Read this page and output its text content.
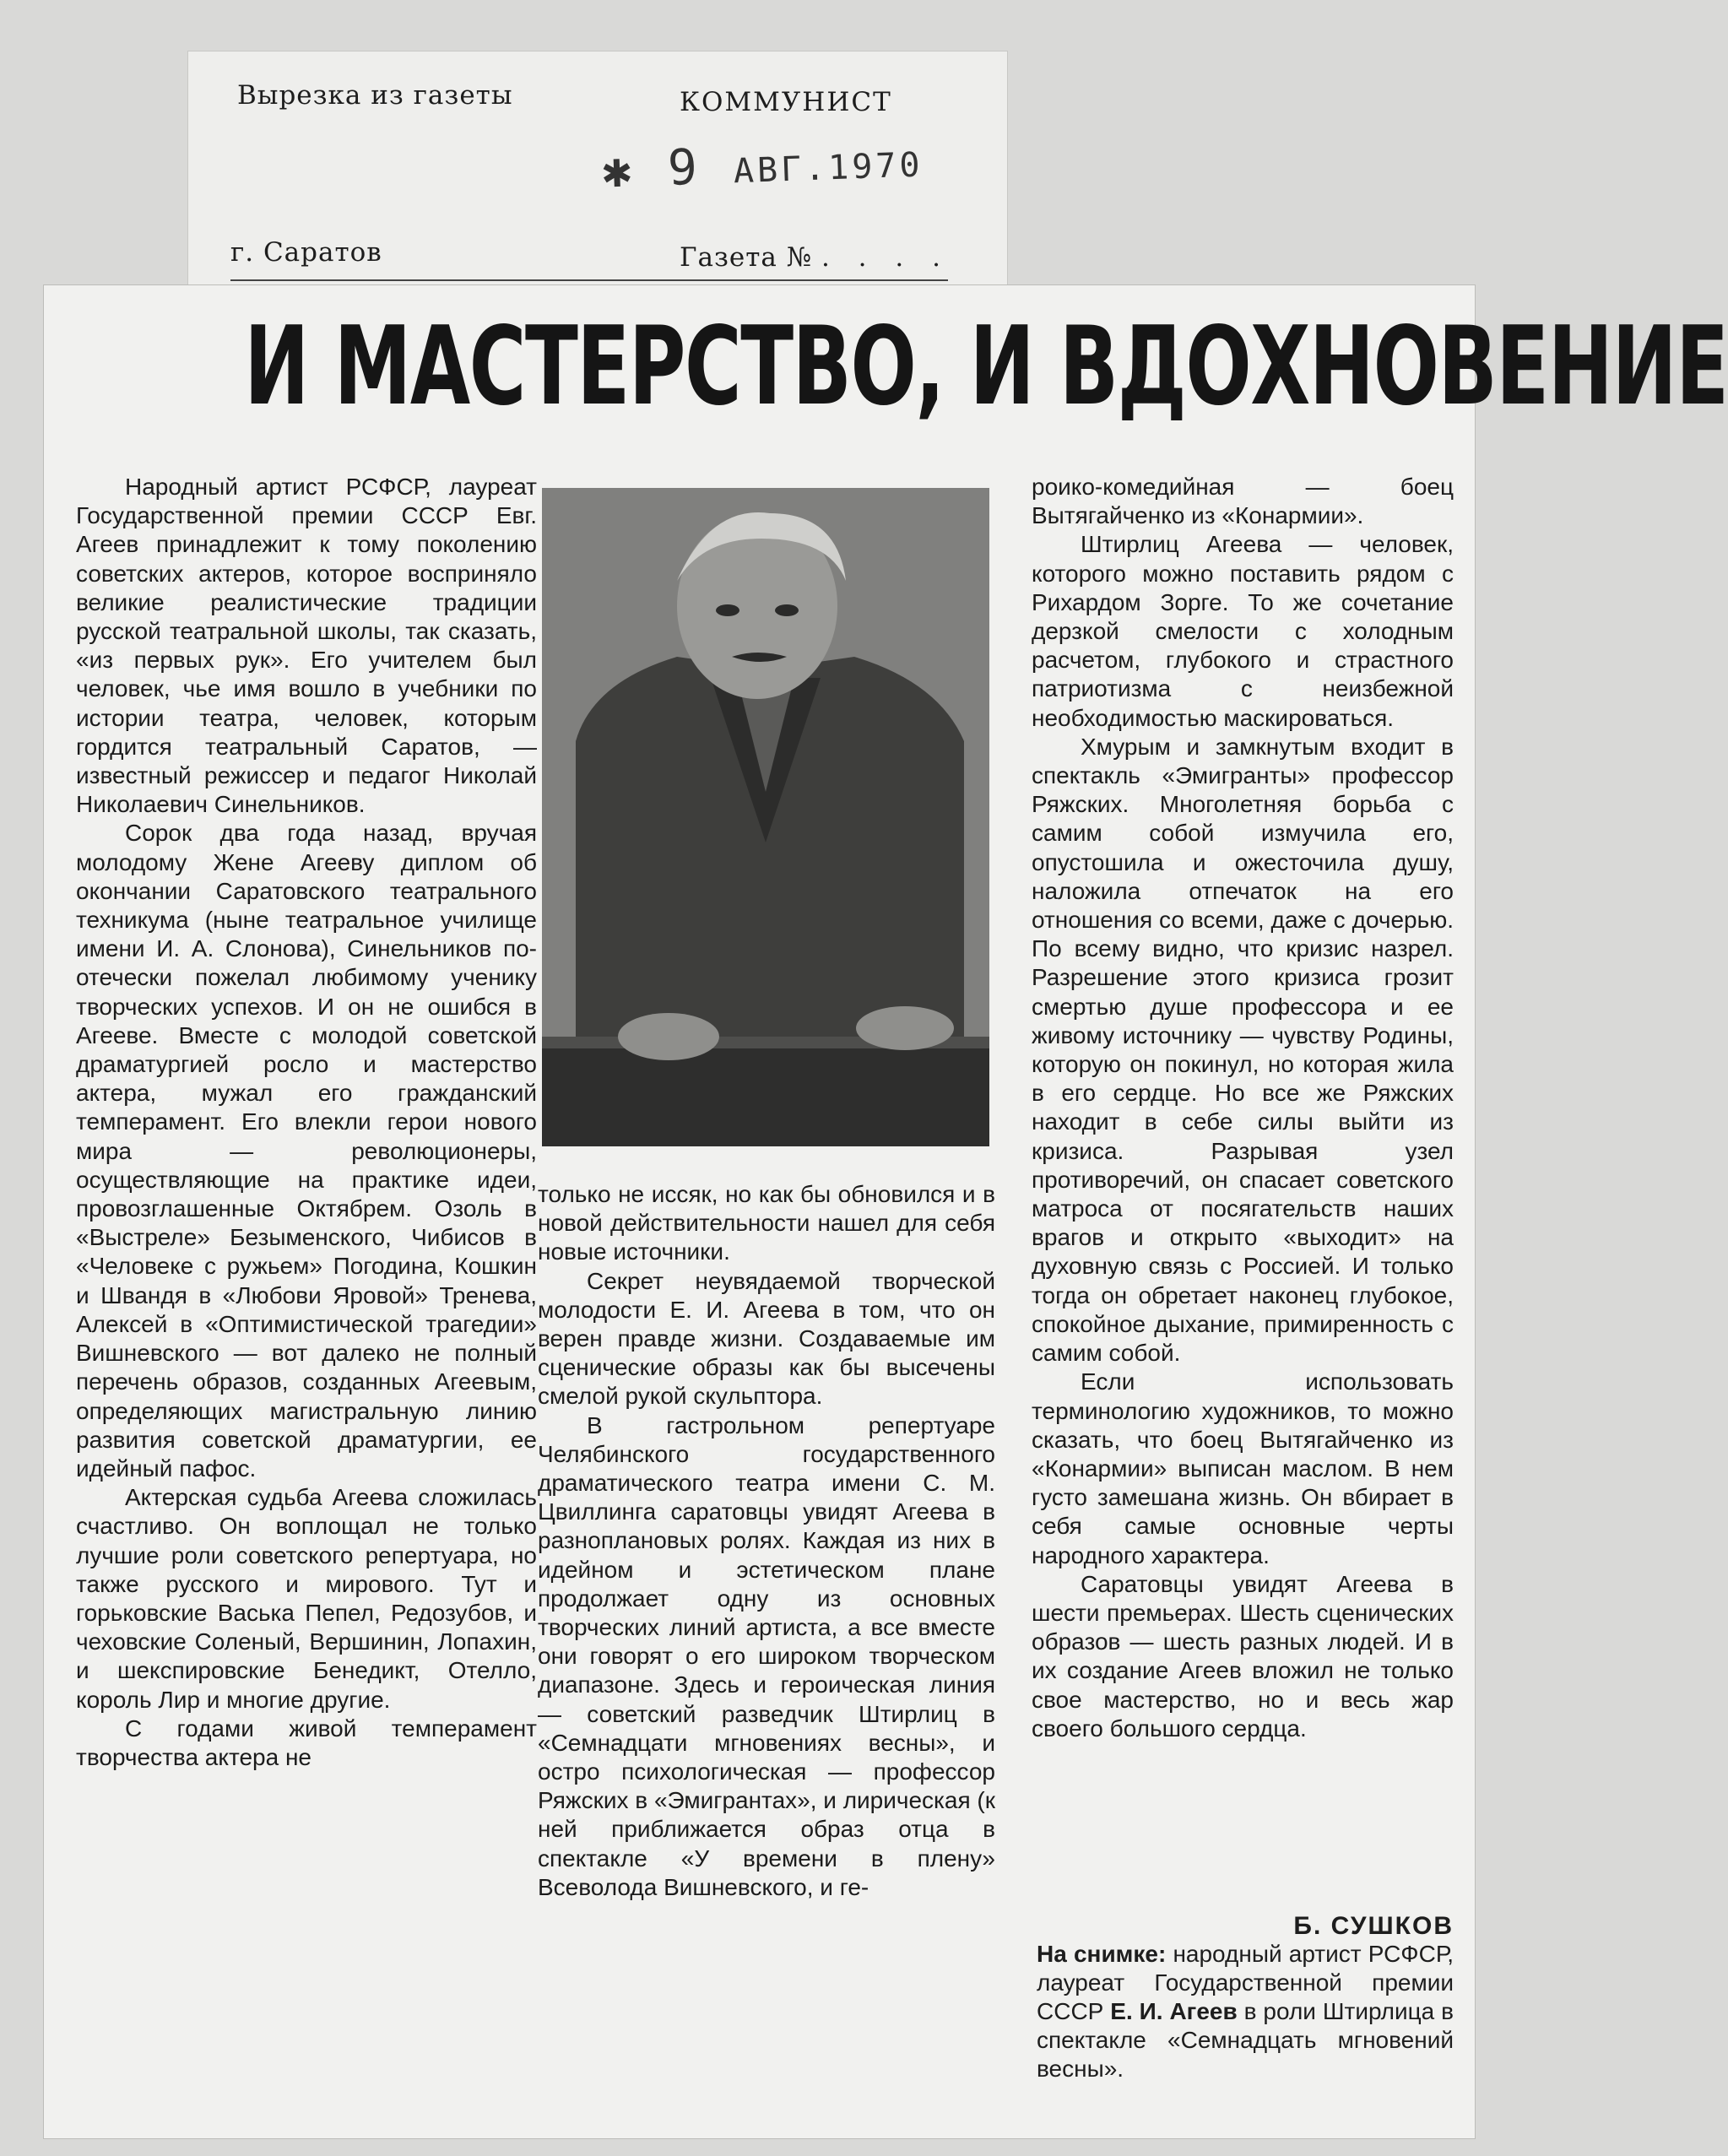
Вырезка из газеты	КОММУНИСТ
✱ 9 АВГ.1970
г. Саратов	Газета № . . . .
И МАСТЕРСТВО, И ВДОХНОВЕНИЕ

Народный артист РСФСР, лауреат Государственной премии СССР Евг. Агеев принадлежит к тому поколению советских актеров, которое восприняло великие реалистические традиции русской театральной школы, так сказать, «из первых рук». Его учителем был человек, чье имя вошло в учебники по истории театра, человек, которым гордится театральный Саратов, — известный режиссер и педагог Николай Николаевич Синельников.

Сорок два года назад, вручая молодому Жене Агееву диплом об окончании Саратовского театрального техникума (ныне театральное училище имени И. А. Слонова), Синельников по-отечески пожелал любимому ученику творческих успехов. И он не ошибся в Агееве. Вместе с молодой советской драматургией росло и мастерство актера, мужал его гражданский темперамент. Его влекли герои нового мира — революционеры, осуществляющие на практике идеи, провозглашенные Октябрем. Озоль в «Выстреле» Безыменского, Чибисов в «Человеке с ружьем» Погодина, Кошкин и Швандя в «Любови Яровой» Тренева, Алексей в «Оптимистической трагедии» Вишневского — вот далеко не полный перечень образов, созданных Агеевым, определяющих магистральную линию развития советской драматургии, ее идейный пафос.

Актерская судьба Агеева сложилась счастливо. Он воплощал не только лучшие роли советского репертуара, но также русского и мирового. Тут и горьковские Васька Пепел, Редозубов, и чеховские Соленый, Вершинин, Лопахин, и шекспировские Бенедикт, Отелло, король Лир и многие другие.

С годами живой темперамент творчества актера не

только не иссяк, но как бы обновился и в новой действительности нашел для себя новые источники.

Секрет неувядаемой творческой молодости Е. И. Агеева в том, что он верен правде жизни. Создаваемые им сценические образы как бы высечены смелой рукой скульптора.

В гастрольном репертуаре Челябинского государственного драматического театра имени С. М. Цвиллинга саратовцы увидят Агеева в разноплановых ролях. Каждая из них в идейном и эстетическом плане продолжает одну из основных творческих линий артиста, а все вместе они говорят о его широком творческом диапазоне. Здесь и героическая линия — советский разведчик Штирлиц в «Семнадцати мгновениях весны», и остро психологическая — профессор Ряжских в «Эмигрантах», и лирическая (к ней приближается образ отца в спектакле «У времени в плену» Всеволода Вишневского, и ге-

роико-комедийная — боец Вытягайченко из «Конармии».

Штирлиц Агеева — человек, которого можно поставить рядом с Рихардом Зорге. То же сочетание дерзкой смелости с холодным расчетом, глубокого и страстного патриотизма с неизбежной необходимостью маскироваться.

Хмурым и замкнутым входит в спектакль «Эмигранты» профессор Ряжских. Многолетняя борьба с самим собой измучила его, опустошила и ожесточила душу, наложила отпечаток на его отношения со всеми, даже с дочерью. По всему видно, что кризис назрел. Разрешение этого кризиса грозит смертью душе профессора и ее живому источнику — чувству Родины, которую он покинул, но которая жила в его сердце. Но все же Ряжских находит в себе силы выйти из кризиса. Разрывая узел противоречий, он спасает советского матроса от посягательств наших врагов и открыто «выходит» на духовную связь с Россией. И только тогда он обретает наконец глубокое, спокойное дыхание, примиренность с самим собой.

Если использовать терминологию художников, то можно сказать, что боец Вытягайченко из «Конармии» выписан маслом. В нем густо замешана жизнь. Он вбирает в себя самые основные черты народного характера.

Саратовцы увидят Агеева в шести премьерах. Шесть сценических образов — шесть разных людей. И в их создание Агеев вложил не только свое мастерство, но и весь жар своего большого сердца.

Б. СУШКОВ
На снимке: народный артист РСФСР, лауреат Государственной премии СССР Е. И. Агеев в роли Штирлица в спектакле «Семнадцать мгновений весны».
